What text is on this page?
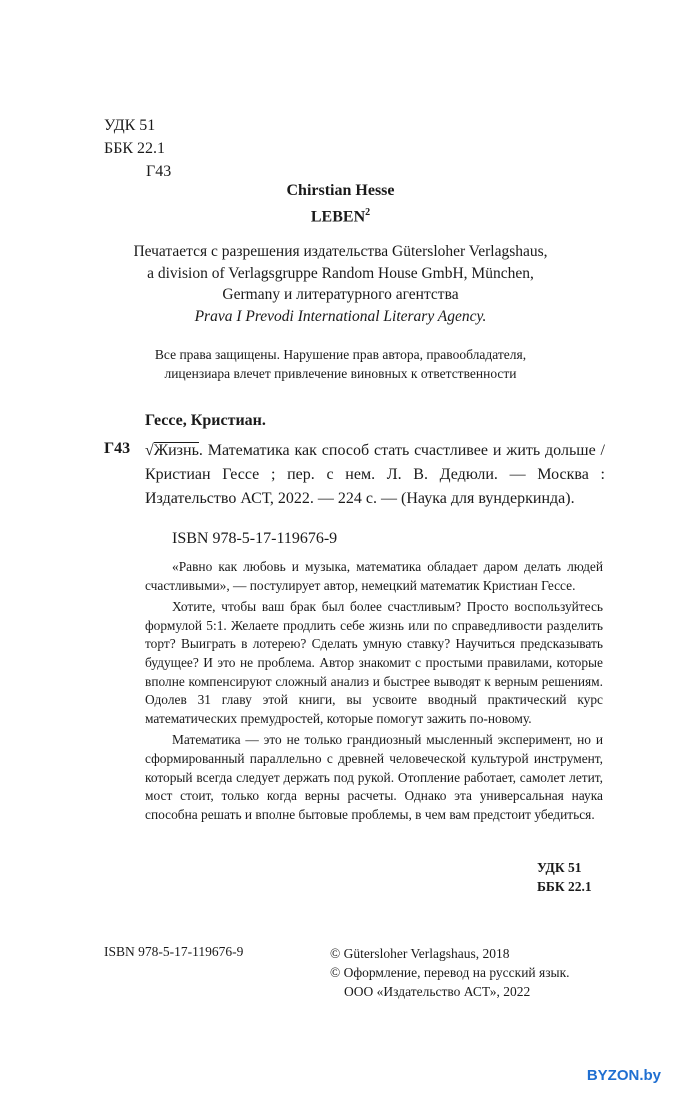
УДК 51
ББК 22.1
Г43
Chirstian Hesse
LEBEN$^2$
Печатается с разрешения издательства Gütersloher Verlagshaus,
a division of Verlagsgruppe Random House GmbH, München,
Germany и литературного агентства
Prava I Prevodi International Literary Agency.
Все права защищены. Нарушение прав автора, правообладателя,
лицензиара влечет привлечение виновных к ответственности
Гессе, Кристиан.
Г43 √Жизнь. Математика как способ стать счастливее и жить дольше / Кристиан Гессе ; пер. с нем. Л. В. Дедюли. — Москва : Издательство АСТ, 2022. — 224 с. — (Наука для вундеркинда).

ISBN 978-5-17-119676-9

«Равно как любовь и музыка, математика обладает даром делать людей счастливыми», — постулирует автор, немецкий математик Кристиан Гессе.

Хотите, чтобы ваш брак был более счастливым? Просто воспользуйтесь формулой 5:1. Желаете продлить себе жизнь или по справедливости разделить торт? Выиграть в лотерею? Сделать умную ставку? Научиться предсказывать будущее? И это не проблема. Автор знакомит с простыми правилами, которые вполне компенсируют сложный анализ и быстрее выводят к верным решениям. Одолев 31 главу этой книги, вы усвоите вводный практический курс математических премудростей, которые помогут зажить по-новому.

Математика — это не только грандиозный мысленный эксперимент, но и сформированный параллельно с древней человеческой культурой инструмент, который всегда следует держать под рукой. Отопление работает, самолет летит, мост стоит, только когда верны расчеты. Однако эта универсальная наука способна решать и вполне бытовые проблемы, в чем вам предстоит убедиться.

УДК 51
ББК 22.1
ISBN 978-5-17-119676-9	© Gütersloher Verlagshaus, 2018
© Оформление, перевод на русский язык.
ООО «Издательство АСТ», 2022
BYZON.by
